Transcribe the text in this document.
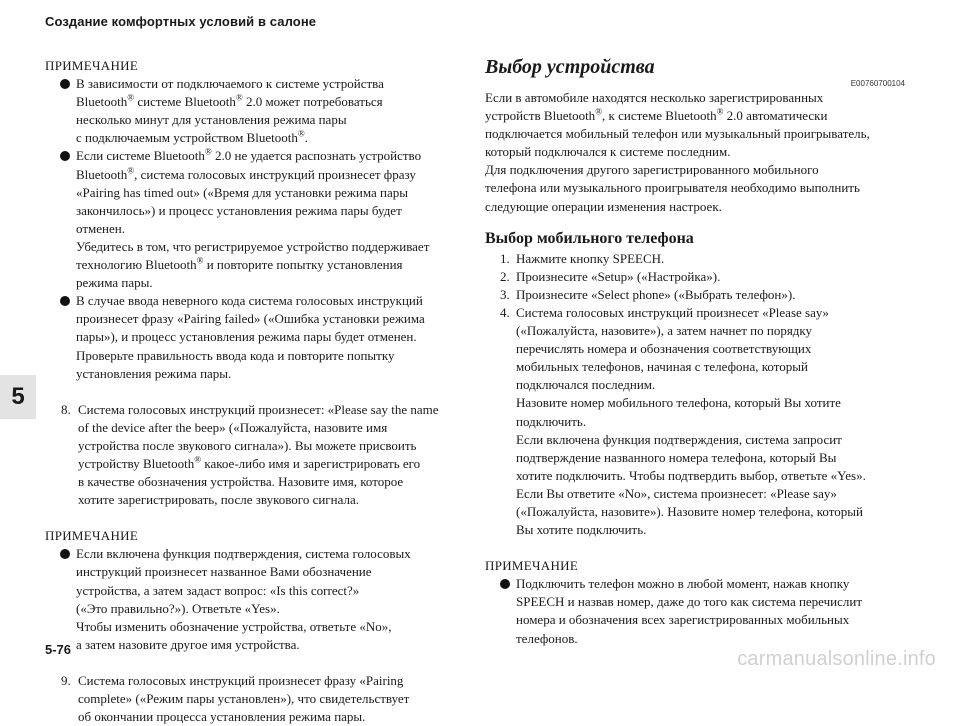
Создание комфортных условий в салоне
5
5-76
ПРИМЕЧАНИЕ

В зависимости от подключаемого к системе устройства

Bluetooth® системе Bluetooth® 2.0 может потребоваться

несколько минут для установления режима пары

с подключаемым устройством Bluetooth®.

Если системе Bluetooth® 2.0 не удается распознать устройство

Bluetooth®, система голосовых инструкций произнесет фразу

«Pairing has timed out» («Время для установки режима пары

закончилось») и процесс установления режима пары будет

отменен.

Убедитесь в том, что регистрируемое устройство поддерживает

технологию Bluetooth® и повторите попытку установления

режима пары.

В случае ввода неверного кода система голосовых инструкций

произнесет фразу «Pairing failed» («Ошибка установки режима

пары»), и процесс установления режима пары будет отменен.

Проверьте правильность ввода кода и повторите попытку

установления режима пары.

8. Система голосовых инструкций произнесет: «Please say the name

of the device after the beep» («Пожалуйста, назовите имя

устройства после звукового сигнала»). Вы можете присвоить

устройству Bluetooth® какое-либо имя и зарегистрировать его

в качестве обозначения устройства. Назовите имя, которое

хотите зарегистрировать, после звукового сигнала.

ПРИМЕЧАНИЕ

Если включена функция подтверждения, система голосовых

инструкций произнесет названное Вами обозначение

устройства, а затем задаст вопрос: «Is this correct?»

(«Это правильно?»). Ответьте «Yes».

Чтобы изменить обозначение устройства, ответьте «No»,

а затем назовите другое имя устройства.

9. Система голосовых инструкций произнесет фразу «Pairing

complete» («Режим пары установлен»), что свидетельствует

об окончании процесса установления режима пары.

Выбор устройства
E00760700104

Если в автомобиле находятся несколько зарегистрированных

устройств Bluetooth®, к системе Bluetooth® 2.0 автоматически

подключается мобильный телефон или музыкальный проигрыватель,

который подключался к системе последним.

Для подключения другого зарегистрированного мобильного

телефона или музыкального проигрывателя необходимо выполнить

следующие операции изменения настроек.

Выбор мобильного телефона
1. Нажмите кнопку SPEECH.

2. Произнесите «Setup» («Настройка»).

3. Произнесите «Select phone» («Выбрать телефон»).

4. Система голосовых инструкций произнесет «Please say»

(«Пожалуйста, назовите»), а затем начнет по порядку

перечислять номера и обозначения соответствующих

мобильных телефонов, начиная с телефона, который

подключался последним.

Назовите номер мобильного телефона, который Вы хотите

подключить.

Если включена функция подтверждения, система запросит

подтверждение названного номера телефона, который Вы

хотите подключить. Чтобы подтвердить выбор, ответьте «Yes».

Если Вы ответите «No», система произнесет: «Please say»

(«Пожалуйста, назовите»). Назовите номер телефона, который

Вы хотите подключить.

ПРИМЕЧАНИЕ

Подключить телефон можно в любой момент, нажав кнопку

SPEECH и назвав номер, даже до того как система перечислит

номера и обозначения всех зарегистрированных мобильных

телефонов.

carmanualsonline.info
